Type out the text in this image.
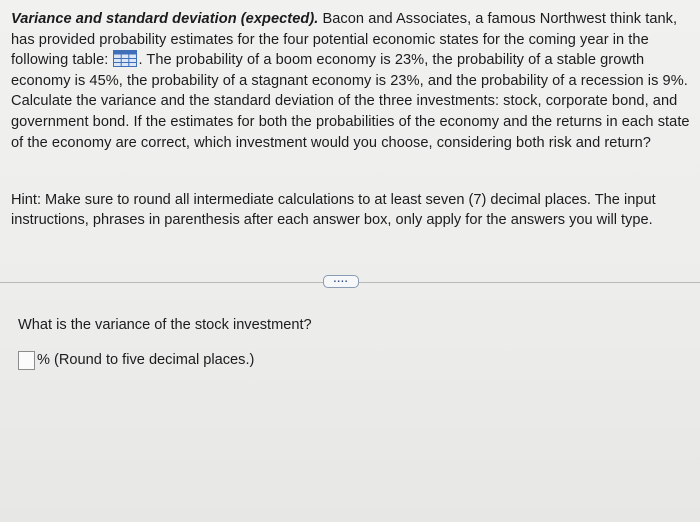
Variance and standard deviation (expected). Bacon and Associates, a famous Northwest think tank, has provided probability estimates for the four potential economic states for the coming year in the following table: . The probability of a boom economy is 23%, the probability of a stable growth economy is 45%, the probability of a stagnant economy is 23%, and the probability of a recession is 9%. Calculate the variance and the standard deviation of the three investments: stock, corporate bond, and government bond. If the estimates for both the probabilities of the economy and the returns in each state of the economy are correct, which investment would you choose, considering both risk and return?
Hint: Make sure to round all intermediate calculations to at least seven (7) decimal places. The input instructions, phrases in parenthesis after each answer box, only apply for the answers you will type.
....
What is the variance of the stock investment?
% (Round to five decimal places.)
